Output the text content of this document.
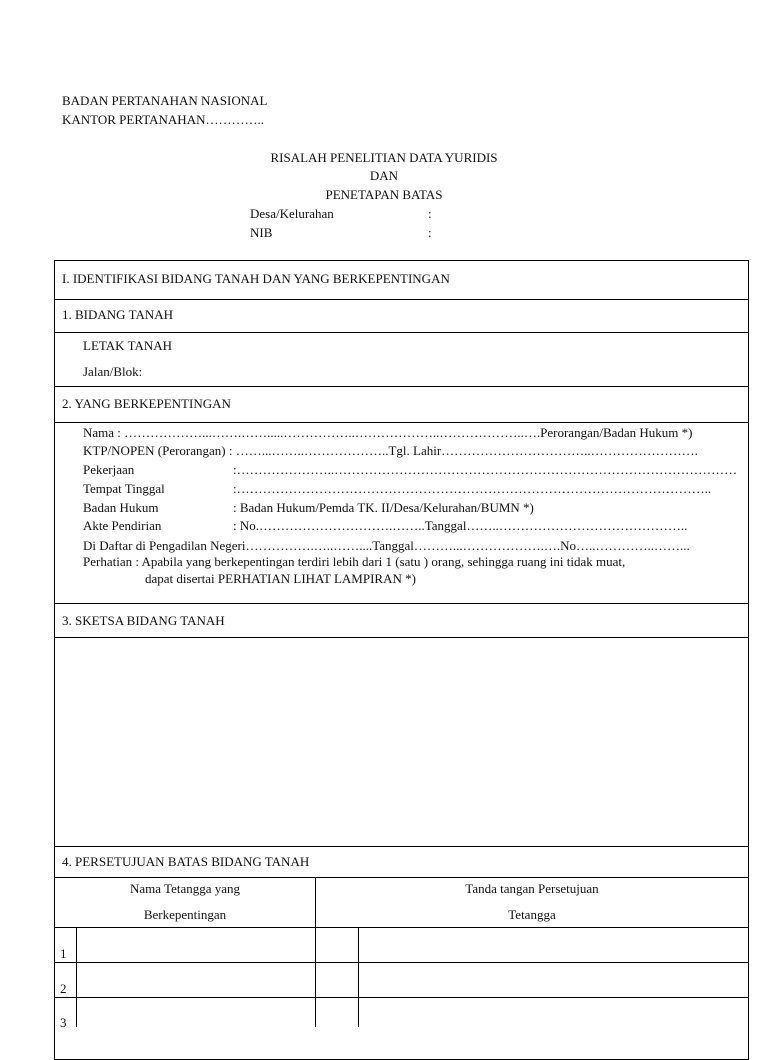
BADAN PERTANAHAN NASIONAL
KANTOR PERTANAHAN…………..
RISALAH PENELITIAN DATA YURIDIS
DAN
PENETAPAN BATAS
Desa/Kelurahan	:
NIB	:
I. IDENTIFIKASI BIDANG TANAH DAN YANG BERKEPENTINGAN
1. BIDANG TANAH
LETAK TANAH
Jalan/Blok:
2. YANG BERKEPENTINGAN
Nama : ………………...…….…….....……………..………………..………………..….Perorangan/Badan Hukum *)
KTP/NOPEN (Perorangan) : ……...……..………………..Tgl. Lahir……………………………..…………………….
Pekerjaan	:…………………..…………………………………………………………………………………
Tempat Tinggal	:………………………………………………………………………………………………..
Badan Hukum	: Badan Hukum/Pemda TK. II/Desa/Kelurahan/BUMN *)
Akte Pendirian	: No.………………………….……..Tanggal……..……………………………………..
Di Daftar di Pengadilan Negeri…………….…..……....Tanggal………...……………….….No…..…………..……...
Perhatian : Apabila yang berkepentingan terdiri lebih dari 1 (satu ) orang, sehingga ruang ini tidak muat,
dapat disertai PERHATIAN LIHAT LAMPIRAN *)
3. SKETSA BIDANG TANAH
4. PERSETUJUAN BATAS BIDANG TANAH
Nama Tetangga yang
Berkepentingan
Tanda tangan Persetujuan
Tetangga
1
2
3
